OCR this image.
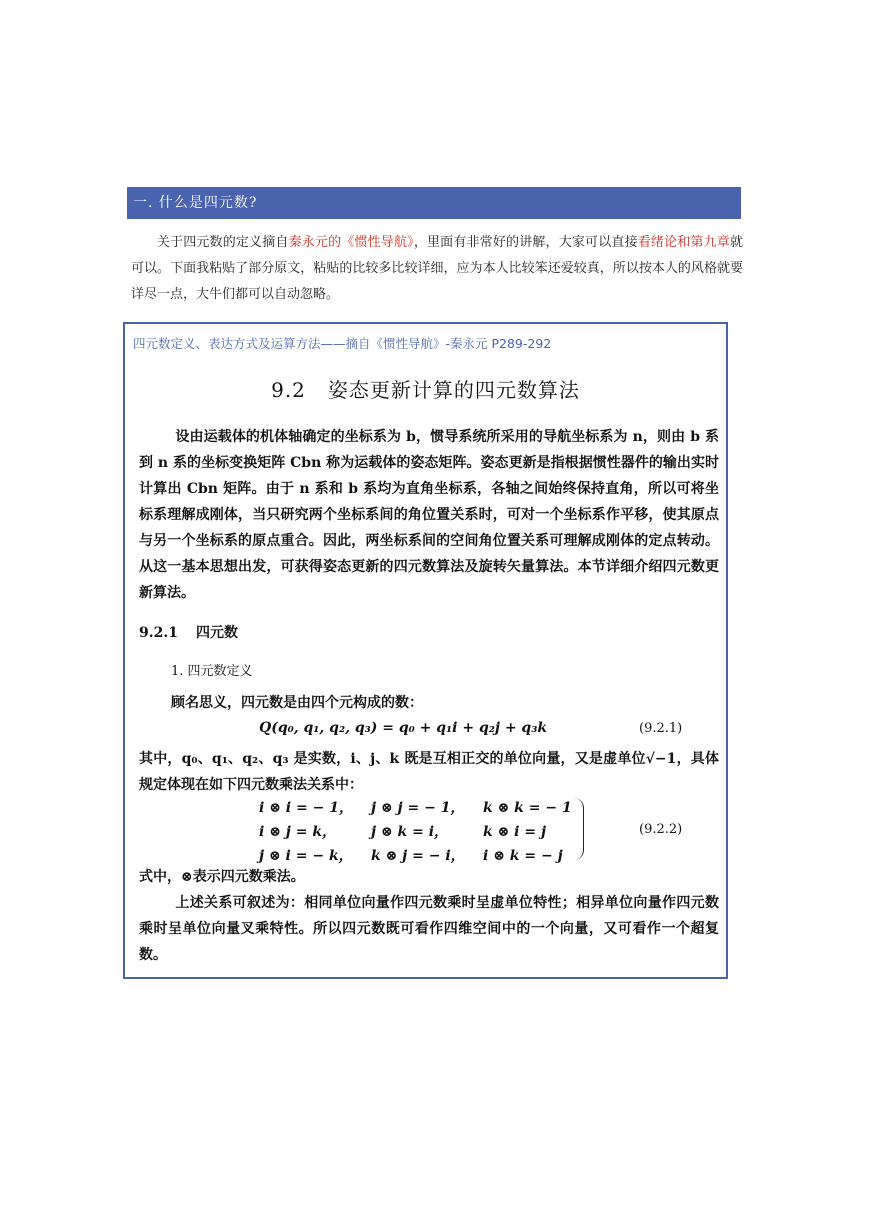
一. 什么是四元数?
关于四元数的定义摘自秦永元的《惯性导航》，里面有非常好的讲解，大家可以直接看绪论和第九章就可以。下面我粘贴了部分原文，粘贴的比较多比较详细，应为本人比较笨还爱较真，所以按本人的风格就要详尽一点，大牛们都可以自动忽略。
四元数定义、表达方式及运算方法——摘自《惯性导航》-秦永元 P289-292
9.2 姿态更新计算的四元数算法
设由运载体的机体轴确定的坐标系为 b，惯导系统所采用的导航坐标系为 n，则由 b 系到 n 系的坐标变换矩阵 Cbn 称为运载体的姿态矩阵。姿态更新是指根据惯性器件的输出实时计算出 Cbn 矩阵。由于 n 系和 b 系均为直角坐标系，各轴之间始终保持直角，所以可将坐标系理解成刚体，当只研究两个坐标系间的角位置关系时，可对一个坐标系作平移，使其原点与另一个坐标系的原点重合。因此，两坐标系间的空间角位置关系可理解成刚体的定点转动。从这一基本思想出发，可获得姿态更新的四元数算法及旋转矢量算法。本节详细介绍四元数更新算法。
9.2.1 四元数
1. 四元数定义
顾名思义，四元数是由四个元构成的数：
Q(q₀, q₁, q₂, q₃) = q₀ + q₁i + q₂j + q₃k	(9.2.1)
其中，q₀、q₁、q₂、q₃ 是实数，i、j、k 既是互相正交的单位向量，又是虚单位√−1，具体规定体现在如下四元数乘法关系中：
i ⊗ i = − 1，	j ⊗ j = − 1，	k ⊗ k = − 1
i ⊗ j = k，	j ⊗ k = i，	k ⊗ i = j
j ⊗ i = − k，	k ⊗ j = − i，	i ⊗ k = − j
(9.2.2)
式中，⊗表示四元数乘法。
上述关系可叙述为：相同单位向量作四元数乘时呈虚单位特性；相异单位向量作四元数乘时呈单位向量叉乘特性。所以四元数既可看作四维空间中的一个向量，又可看作一个超复数。
